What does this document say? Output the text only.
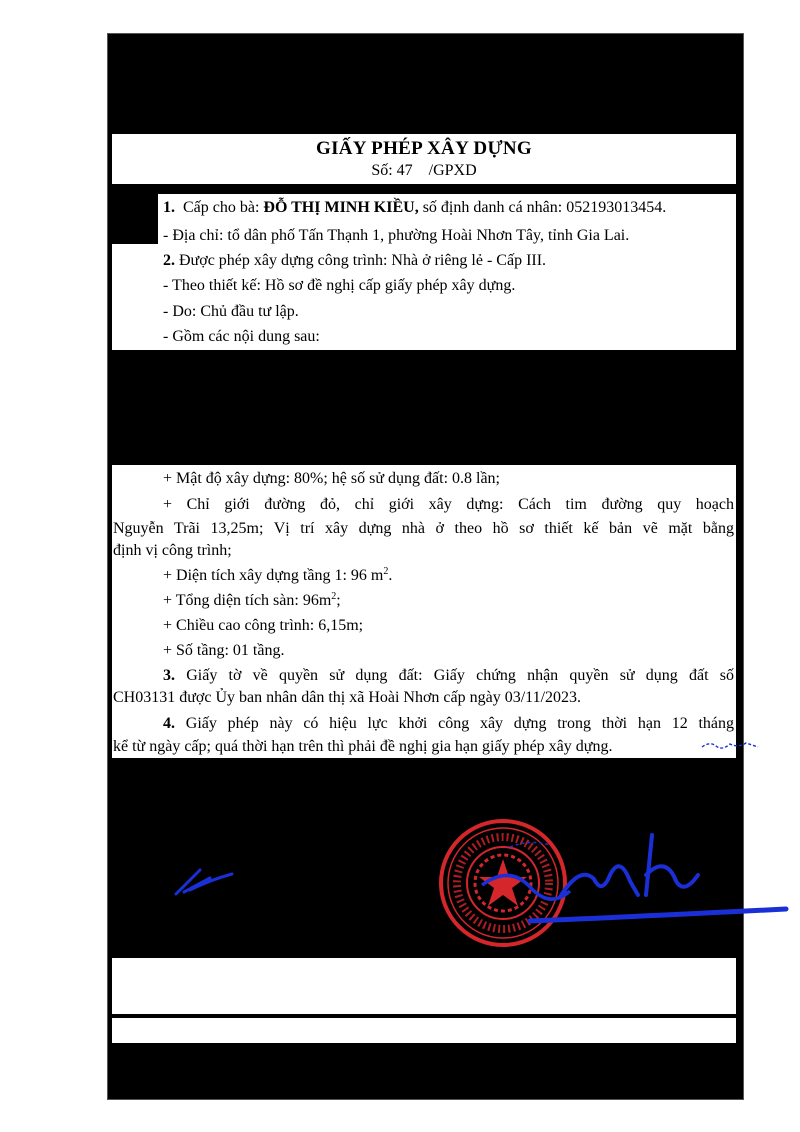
GIẤY PHÉP XÂY DỰNG
Số: 47 /GPXD
1. Cấp cho bà: ĐỖ THỊ MINH KIỀU, số định danh cá nhân: 052193013454.
- Địa chỉ: tổ dân phố Tấn Thạnh 1, phường Hoài Nhơn Tây, tỉnh Gia Lai.
2. Được phép xây dựng công trình: Nhà ở riêng lẻ - Cấp III.
- Theo thiết kế: Hồ sơ đề nghị cấp giấy phép xây dựng.
- Do: Chủ đầu tư lập.
- Gồm các nội dung sau:
+ Mật độ xây dựng: 80%; hệ số sử dụng đất: 0.8 lần;
+ Chỉ giới đường đỏ, chỉ giới xây dựng: Cách tim đường quy hoạch
Nguyễn Trãi 13,25m; Vị trí xây dựng nhà ở theo hồ sơ thiết kế bản vẽ mặt bằng
định vị công trình;
+ Diện tích xây dựng tầng 1: 96 $m^2$.
+ Tổng diện tích sàn: $96m^2$;
+ Chiều cao công trình: 6,15m;
+ Số tầng: 01 tầng.
3. Giấy tờ về quyền sử dụng đất: Giấy chứng nhận quyền sử dụng đất số
CH03131 được Ủy ban nhân dân thị xã Hoài Nhơn cấp ngày 03/11/2023.
4. Giấy phép này có hiệu lực khởi công xây dựng trong thời hạn 12 tháng
kể từ ngày cấp; quá thời hạn trên thì phải đề nghị gia hạn giấy phép xây dựng.
